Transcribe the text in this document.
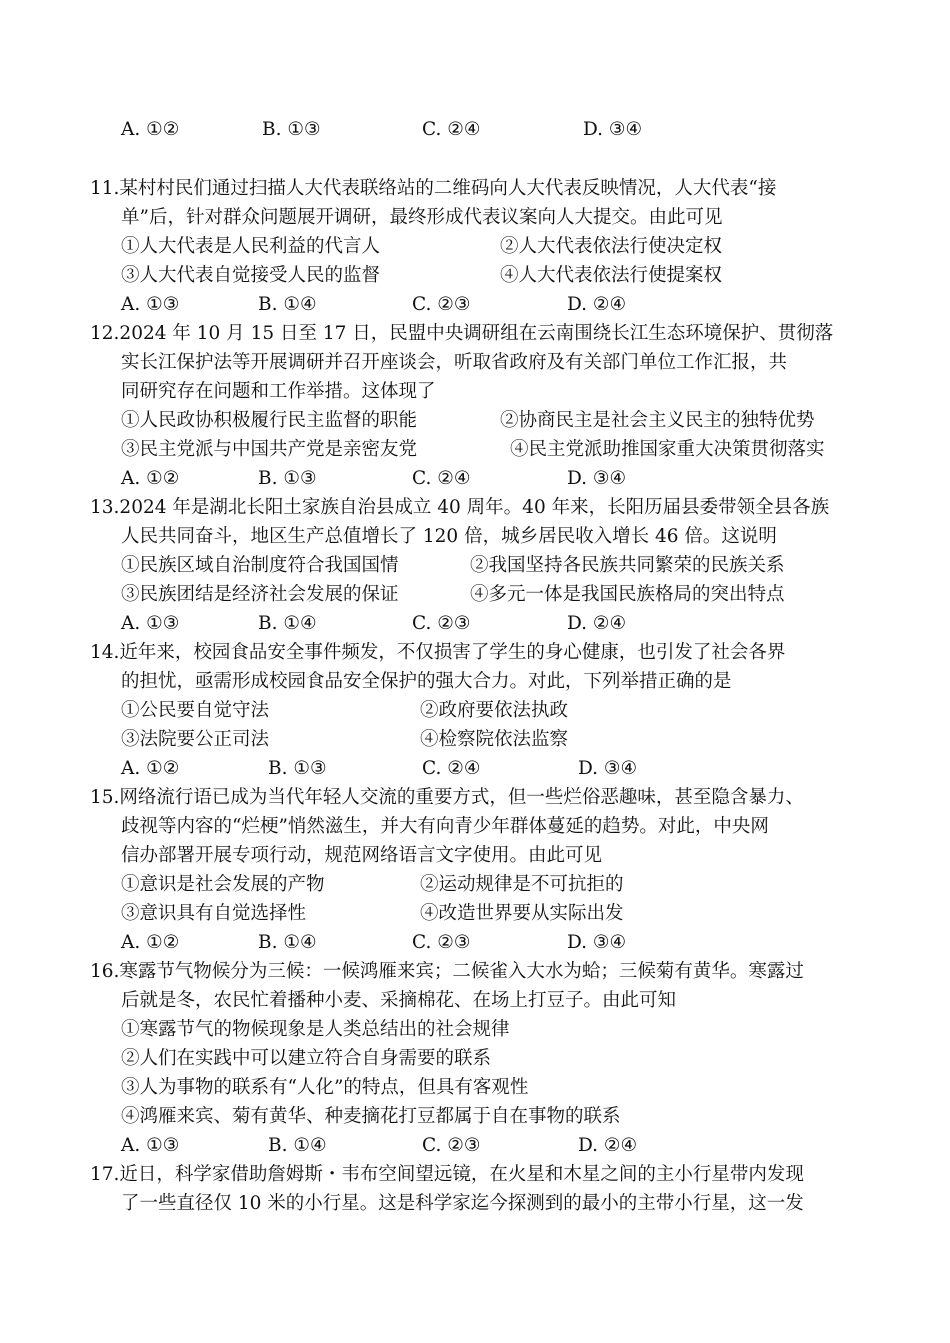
A. ①②	B. ①③	C. ②④	D. ③④
11.某村村民们通过扫描人大代表联络站的二维码向人大代表反映情况，人大代表“接
单”后，针对群众问题展开调研，最终形成代表议案向人大提交。由此可见
①人大代表是人民利益的代言人	②人大代表依法行使决定权
③人大代表自觉接受人民的监督	④人大代表依法行使提案权
A. ①③	B. ①④	C. ②③	D. ②④
12.2024 年 10 月 15 日至 17 日，民盟中央调研组在云南围绕长江生态环境保护、贯彻落
实长江保护法等开展调研并召开座谈会，听取省政府及有关部门单位工作汇报，共
同研究存在问题和工作举措。这体现了
①人民政协积极履行民主监督的职能	②协商民主是社会主义民主的独特优势
③民主党派与中国共产党是亲密友党	④民主党派助推国家重大决策贯彻落实
A. ①②	B. ①③	C. ②④	D. ③④
13.2024 年是湖北长阳土家族自治县成立 40 周年。40 年来，长阳历届县委带领全县各族
人民共同奋斗，地区生产总值增长了 120 倍，城乡居民收入增长 46 倍。这说明
①民族区域自治制度符合我国国情	②我国坚持各民族共同繁荣的民族关系
③民族团结是经济社会发展的保证	④多元一体是我国民族格局的突出特点
A. ①③	B. ①④	C. ②③	D. ②④
14.近年来，校园食品安全事件频发，不仅损害了学生的身心健康，也引发了社会各界
的担忧，亟需形成校园食品安全保护的强大合力。对此，下列举措正确的是
①公民要自觉守法	②政府要依法执政
③法院要公正司法	④检察院依法监察
A. ①②	B. ①③	C. ②④	D. ③④
15.网络流行语已成为当代年轻人交流的重要方式，但一些烂俗恶趣味，甚至隐含暴力、
歧视等内容的“烂梗”悄然滋生，并大有向青少年群体蔓延的趋势。对此，中央网
信办部署开展专项行动，规范网络语言文字使用。由此可见
①意识是社会发展的产物	②运动规律是不可抗拒的
③意识具有自觉选择性	④改造世界要从实际出发
A. ①②	B. ①④	C. ②③	D. ③④
16.寒露节气物候分为三候：一候鸿雁来宾；二候雀入大水为蛤；三候菊有黄华。寒露过
后就是冬，农民忙着播种小麦、采摘棉花、在场上打豆子。由此可知
①寒露节气的物候现象是人类总结出的社会规律
②人们在实践中可以建立符合自身需要的联系
③人为事物的联系有“人化”的特点，但具有客观性
④鸿雁来宾、菊有黄华、种麦摘花打豆都属于自在事物的联系
A. ①③	B. ①④	C. ②③	D. ②④
17.近日，科学家借助詹姆斯・韦布空间望远镜，在火星和木星之间的主小行星带内发现
了一些直径仅 10 米的小行星。这是科学家迄今探测到的最小的主带小行星，这一发
